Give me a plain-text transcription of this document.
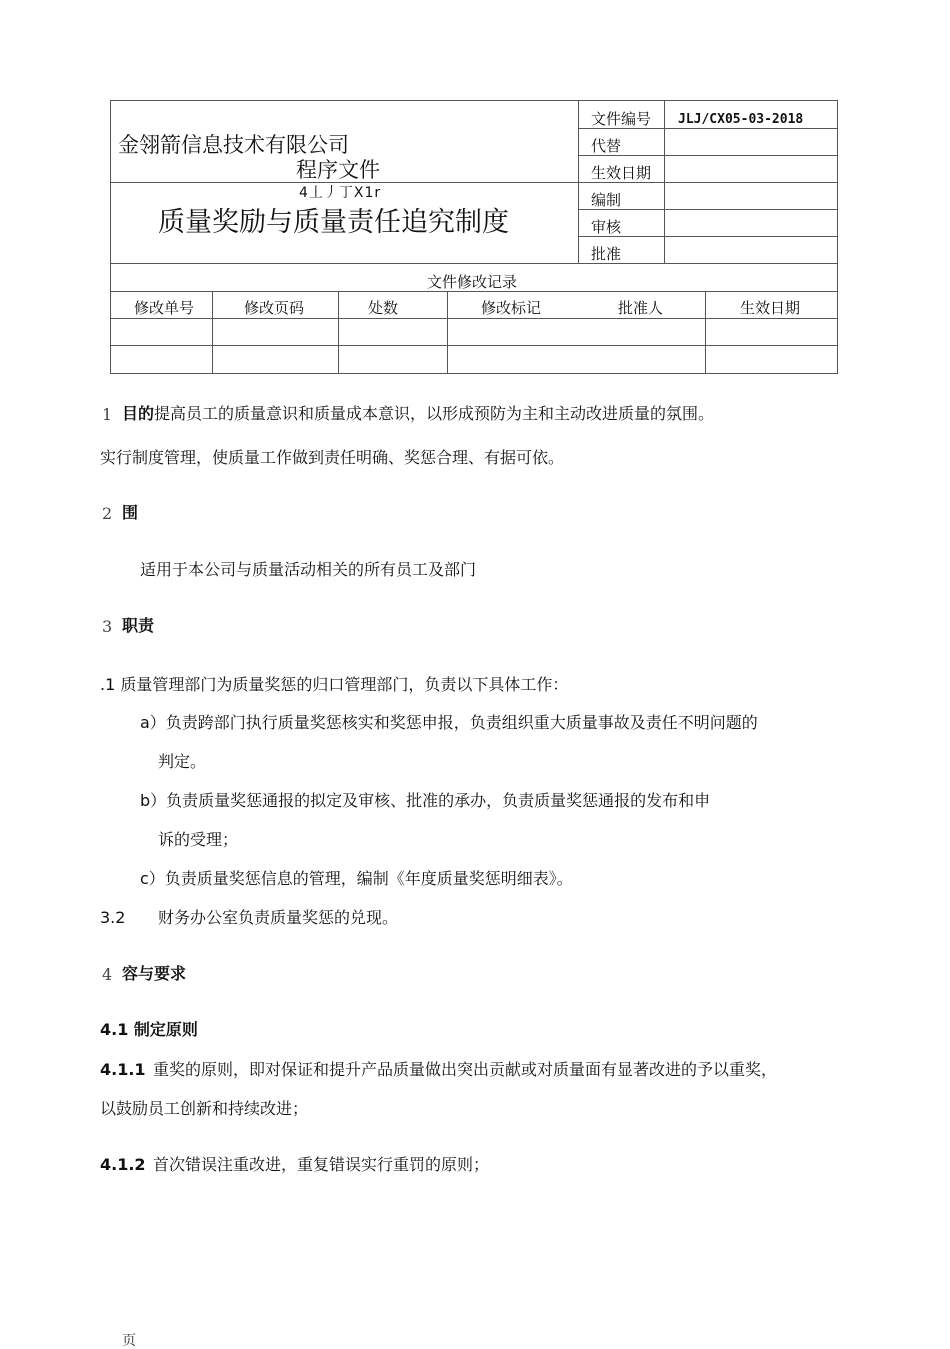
金翎箭信息技术有限公司
程序文件
4丄丿丁X1r
质量奖励与质量责任追究制度
文件编号 JLJ/CX05-03-2018
代替
生效日期
编制
审核
批准
文件修改记录
修改单号	修改页码	处数	修改标记	批准人	生效日期
1 目的提高员工的质量意识和质量成本意识，以形成预防为主和主动改进质量的氛围。
实行制度管理，使质量工作做到责任明确、奖惩合理、有据可依。
2 围
适用于本公司与质量活动相关的所有员工及部门
3 职责
.1 质量管理部门为质量奖惩的归口管理部门，负责以下具体工作：
a）负责跨部门执行质量奖惩核实和奖惩申报，负责组织重大质量事故及责任不明问题的
判定。
b）负责质量奖惩通报的拟定及审核、批准的承办，负责质量奖惩通报的发布和申
诉的受理；
c）负责质量奖惩信息的管理，编制《年度质量奖惩明细表》。
3.2 财务办公室负责质量奖惩的兑现。
4 容与要求
4.1 制定原则
4.1.1 重奖的原则，即对保证和提升产品质量做出突出贡献或对质量面有显著改进的予以重奖，
以鼓励员工创新和持续改进；
4.1.2 首次错误注重改进，重复错误实行重罚的原则；
页
